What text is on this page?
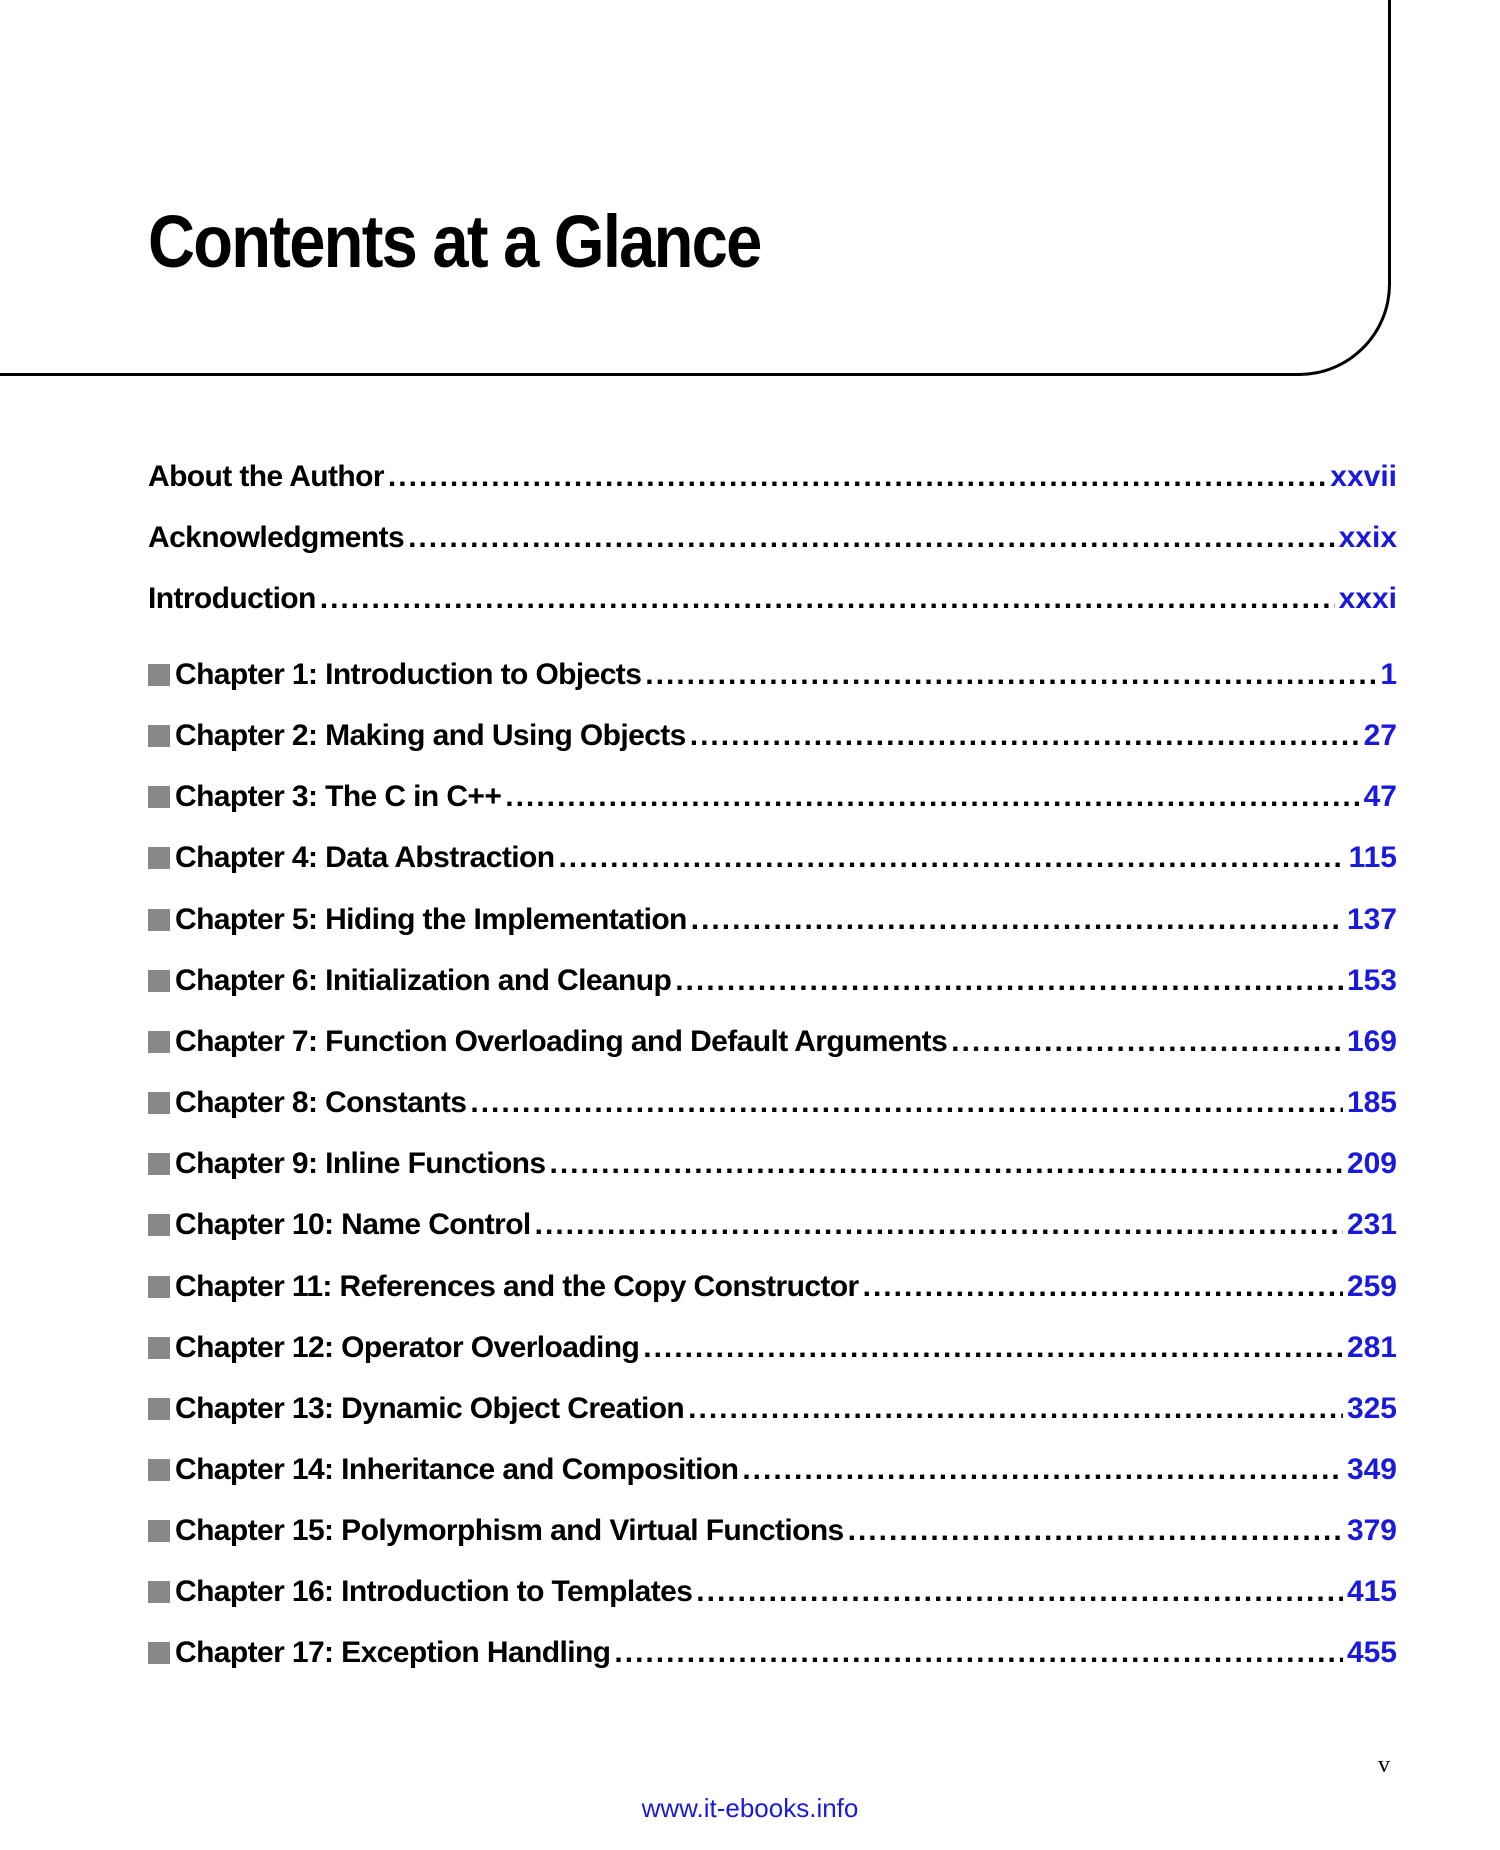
Contents at a Glance
About the Author .....	xxvii
Acknowledgments .....	xxix
Introduction .....	xxxi
Chapter 1: Introduction to Objects .....	1
Chapter 2: Making and Using Objects .....	27
Chapter 3: The C in C++ .....	47
Chapter 4: Data Abstraction .....	115
Chapter 5: Hiding the Implementation .....	137
Chapter 6: Initialization and Cleanup .....	153
Chapter 7: Function Overloading and Default Arguments .....	169
Chapter 8: Constants .....	185
Chapter 9: Inline Functions .....	209
Chapter 10: Name Control .....	231
Chapter 11: References and the Copy Constructor .....	259
Chapter 12: Operator Overloading .....	281
Chapter 13: Dynamic Object Creation .....	325
Chapter 14: Inheritance and Composition .....	349
Chapter 15: Polymorphism and Virtual Functions .....	379
Chapter 16: Introduction to Templates .....	415
Chapter 17: Exception Handling .....	455
v
www.it-ebooks.info
